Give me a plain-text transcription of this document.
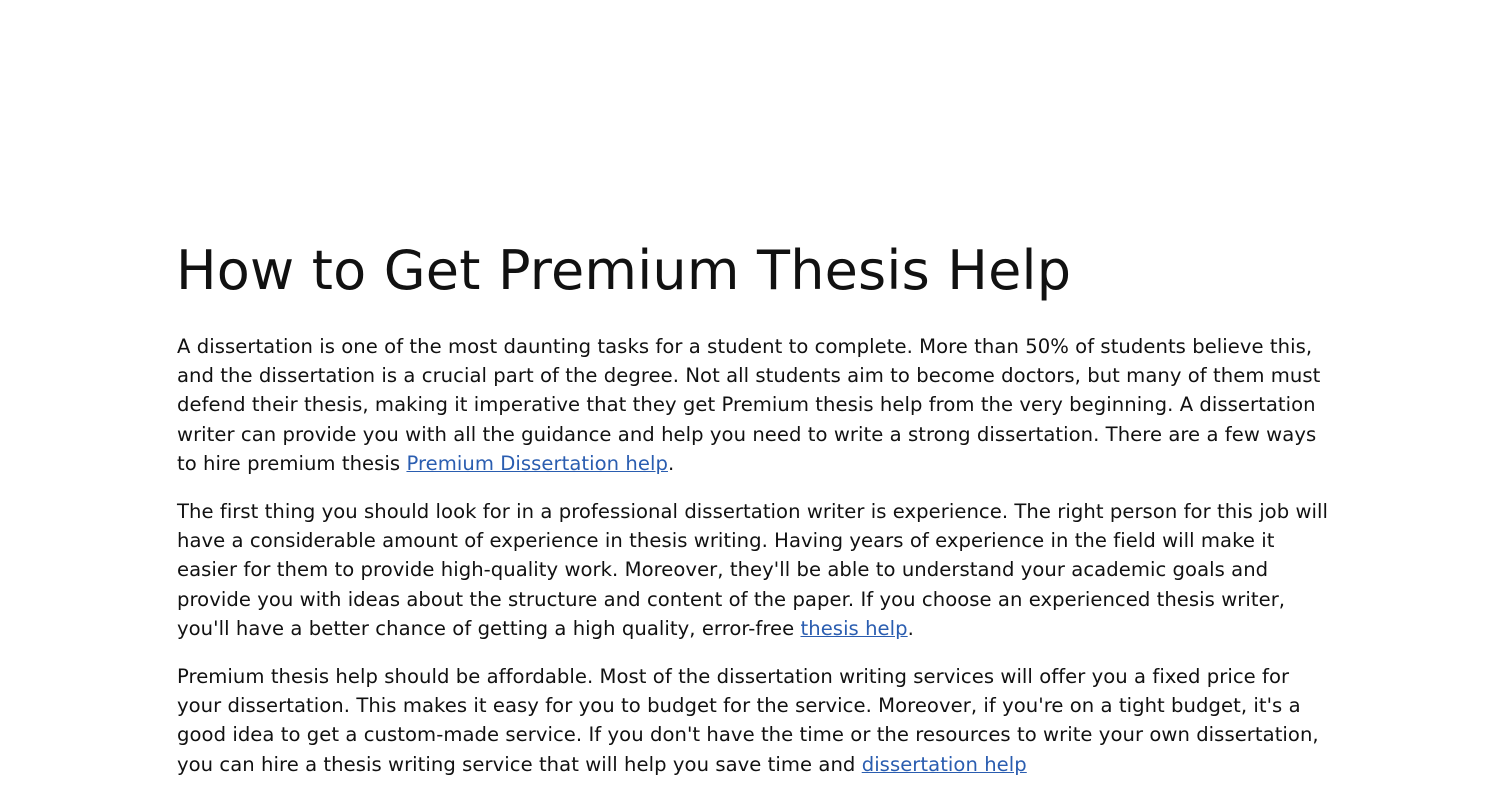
How to Get Premium Thesis Help

A dissertation is one of the most daunting tasks for a student to complete. More than 50% of students believe this, and the dissertation is a crucial part of the degree. Not all students aim to become doctors, but many of them must defend their thesis, making it imperative that they get Premium thesis help from the very beginning. A dissertation writer can provide you with all the guidance and help you need to write a strong dissertation. There are a few ways to hire premium thesis Premium Dissertation help.

The first thing you should look for in a professional dissertation writer is experience. The right person for this job will have a considerable amount of experience in thesis writing. Having years of experience in the field will make it easier for them to provide high-quality work. Moreover, they'll be able to understand your academic goals and provide you with ideas about the structure and content of the paper. If you choose an experienced thesis writer, you'll have a better chance of getting a high quality, error-free thesis help.

Premium thesis help should be affordable. Most of the dissertation writing services will offer you a fixed price for your dissertation. This makes it easy for you to budget for the service. Moreover, if you're on a tight budget, it's a good idea to get a custom-made service. If you don't have the time or the resources to write your own dissertation, you can hire a thesis writing service that will help you save time and dissertation help
